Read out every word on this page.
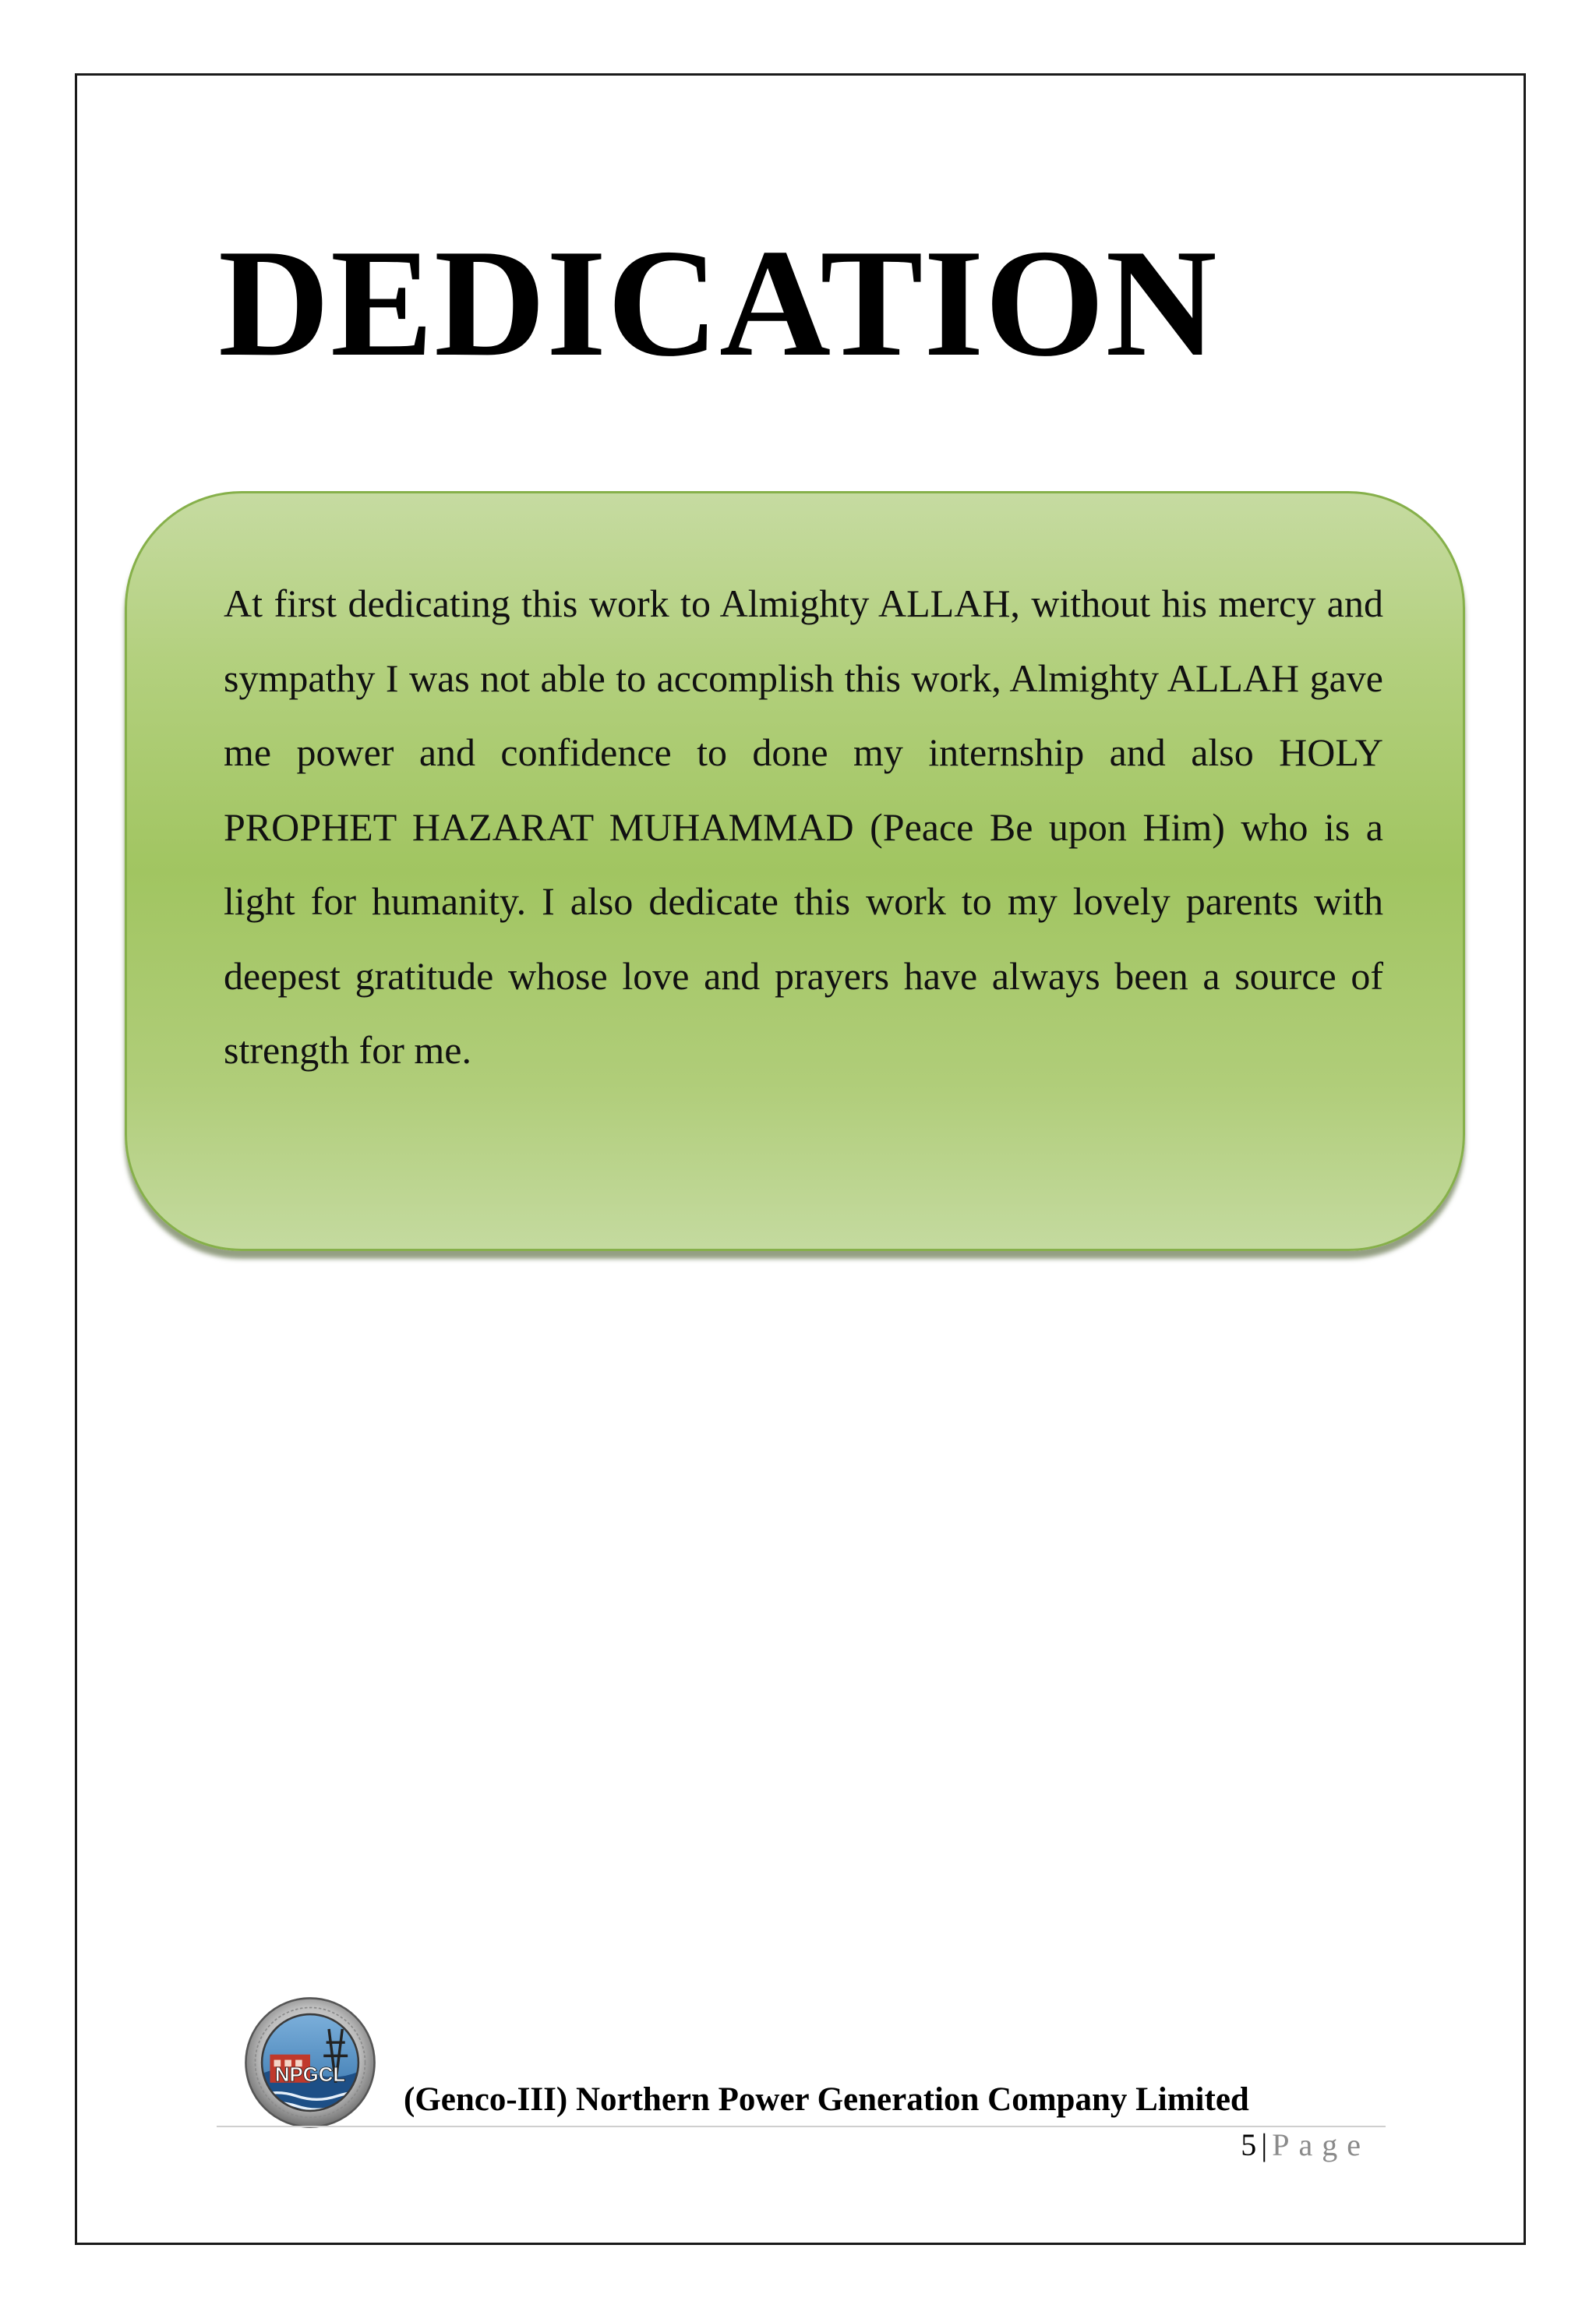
DEDICATION

At first dedicating this work to Almighty ALLAH, without his mercy and sympathy I was not able to accomplish this work, Almighty ALLAH gave me power and confidence to done my internship and also HOLY PROPHET HAZARAT MUHAMMAD (Peace Be upon Him) who is a light for humanity. I also dedicate this work to my lovely parents with deepest gratitude whose love and prayers have always been a source of strength for me.

NPGCL
(Genco-III) Northern Power Generation Company Limited
5 | Page
